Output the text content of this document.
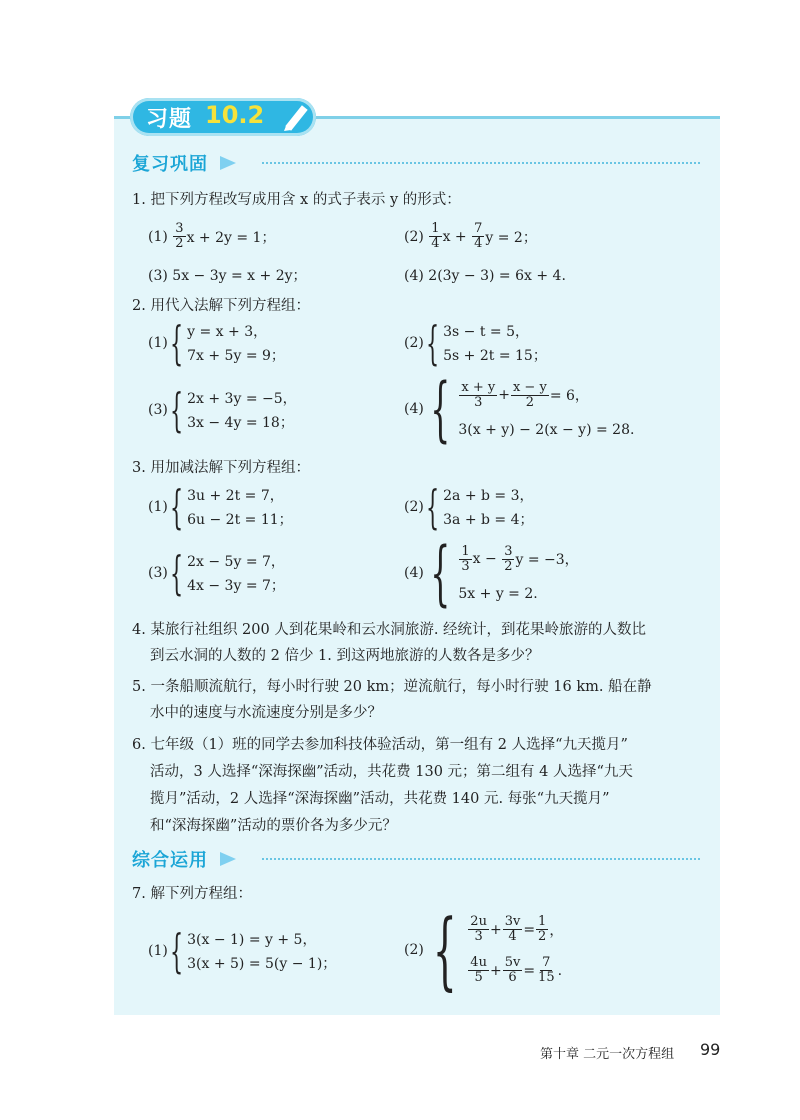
习题 10.2
复习巩固
1. 把下列方程改写成用含 x 的式子表示 y 的形式：
(1)
$\frac{3}{2}$ x + 2y = 1；	(2)
$\frac{1}{4}$ x +
$\frac{7}{4}$ y = 2；
(3) 5x − 3y = x + 2y；	(4) 2(3y − 3) = 6x + 4.
2. 用代入法解下列方程组：
(1) { y = x + 3，
7x + 5y = 9；
(2) { 3s − t = 5，
5s + 2t = 15；
(3) { 2x + 3y = −5，
3x − 4y = 18；
(4) { $\frac{x + y}{3} + \frac{x - y}{2} = 6$，
3(x + y) − 2(x − y) = 28.
3. 用加减法解下列方程组：
(1) { 3u + 2t = 7，
6u − 2t = 11；
(2) { 2a + b = 3，
3a + b = 4；
(3) { 2x − 5y = 7，
4x − 3y = 7；
(4) { $\frac{1}{3}$ x −
$\frac{3}{2}$ y = −3，
5x + y = 2.
4. 某旅行社组织 200 人到花果岭和云水洞旅游. 经统计，到花果岭旅游的人数比
到云水洞的人数的 2 倍少 1. 到这两地旅游的人数各是多少？
5. 一条船顺流航行，每小时行驶 20 km；逆流航行，每小时行驶 16 km. 船在静
水中的速度与水流速度分别是多少？
6. 七年级（1）班的同学去参加科技体验活动，第一组有 2 人选择“九天揽月”
活动，3 人选择“深海探幽”活动，共花费 130 元；第二组有 4 人选择“九天
揽月”活动，2 人选择“深海探幽”活动，共花费 140 元. 每张“九天揽月”
和“深海探幽”活动的票价各为多少元？
综合运用
7. 解下列方程组：
(1) { 3(x − 1) = y + 5，
3(x + 5) = 5(y − 1)；
(2) { $\frac{2u}{3} + \frac{3v}{4} = \frac{1}{2}$ ，
$\frac{4u}{5} + \frac{5v}{6} = \frac{7}{15}$ .
第十章 二元一次方程组 99
